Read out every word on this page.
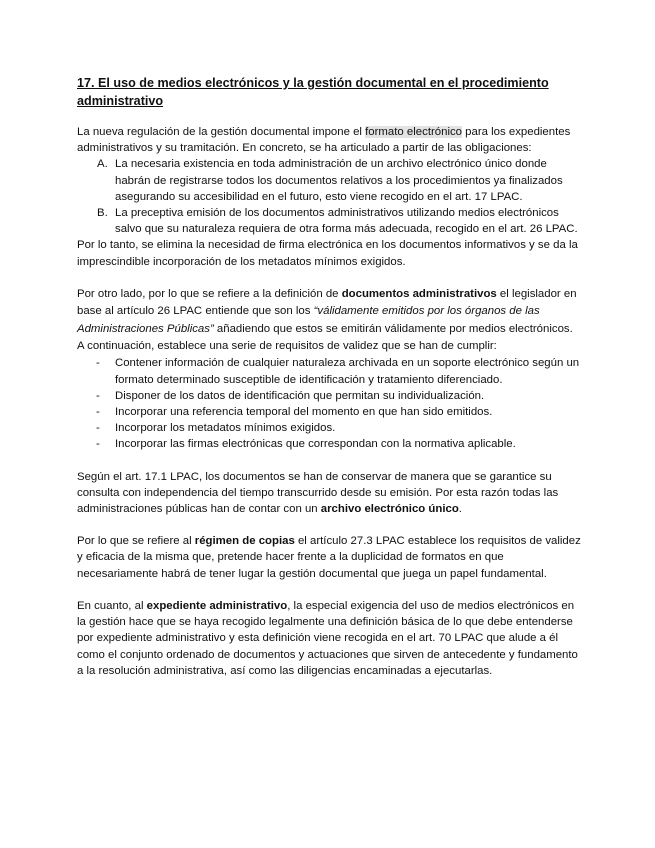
17. El uso de medios electrónicos y la gestión documental en el procedimiento administrativo

La nueva regulación de la gestión documental impone el formato electrónico para los expedientes administrativos y su tramitación. En concreto, se ha articulado a partir de las obligaciones:

A. La necesaria existencia en toda administración de un archivo electrónico único donde habrán de registrarse todos los documentos relativos a los procedimientos ya finalizados asegurando su accesibilidad en el futuro, esto viene recogido en el art. 17 LPAC.
B. La preceptiva emisión de los documentos administrativos utilizando medios electrónicos salvo que su naturaleza requiera de otra forma más adecuada, recogido en el art. 26 LPAC.

Por lo tanto, se elimina la necesidad de firma electrónica en los documentos informativos y se da la imprescindible incorporación de los metadatos mínimos exigidos.

Por otro lado, por lo que se refiere a la definición de documentos administrativos el legislador en base al artículo 26 LPAC entiende que son los “válidamente emitidos por los órganos de las Administraciones Públicas” añadiendo que estos se emitirán válidamente por medios electrónicos. A continuación, establece una serie de requisitos de validez que se han de cumplir:

- Contener información de cualquier naturaleza archivada en un soporte electrónico según un formato determinado susceptible de identificación y tratamiento diferenciado.
- Disponer de los datos de identificación que permitan su individualización.
- Incorporar una referencia temporal del momento en que han sido emitidos.
- Incorporar los metadatos mínimos exigidos.
- Incorporar las firmas electrónicas que correspondan con la normativa aplicable.

Según el art. 17.1 LPAC, los documentos se han de conservar de manera que se garantice su consulta con independencia del tiempo transcurrido desde su emisión. Por esta razón todas las administraciones públicas han de contar con un archivo electrónico único.

Por lo que se refiere al régimen de copias el artículo 27.3 LPAC establece los requisitos de validez y eficacia de la misma que, pretende hacer frente a la duplicidad de formatos en que necesariamente habrá de tener lugar la gestión documental que juega un papel fundamental.

En cuanto, al expediente administrativo, la especial exigencia del uso de medios electrónicos en la gestión hace que se haya recogido legalmente una definición básica de lo que debe entenderse por expediente administrativo y esta definición viene recogida en el art. 70 LPAC que alude a él como el conjunto ordenado de documentos y actuaciones que sirven de antecedente y fundamento a la resolución administrativa, así como las diligencias encaminadas a ejecutarlas.
